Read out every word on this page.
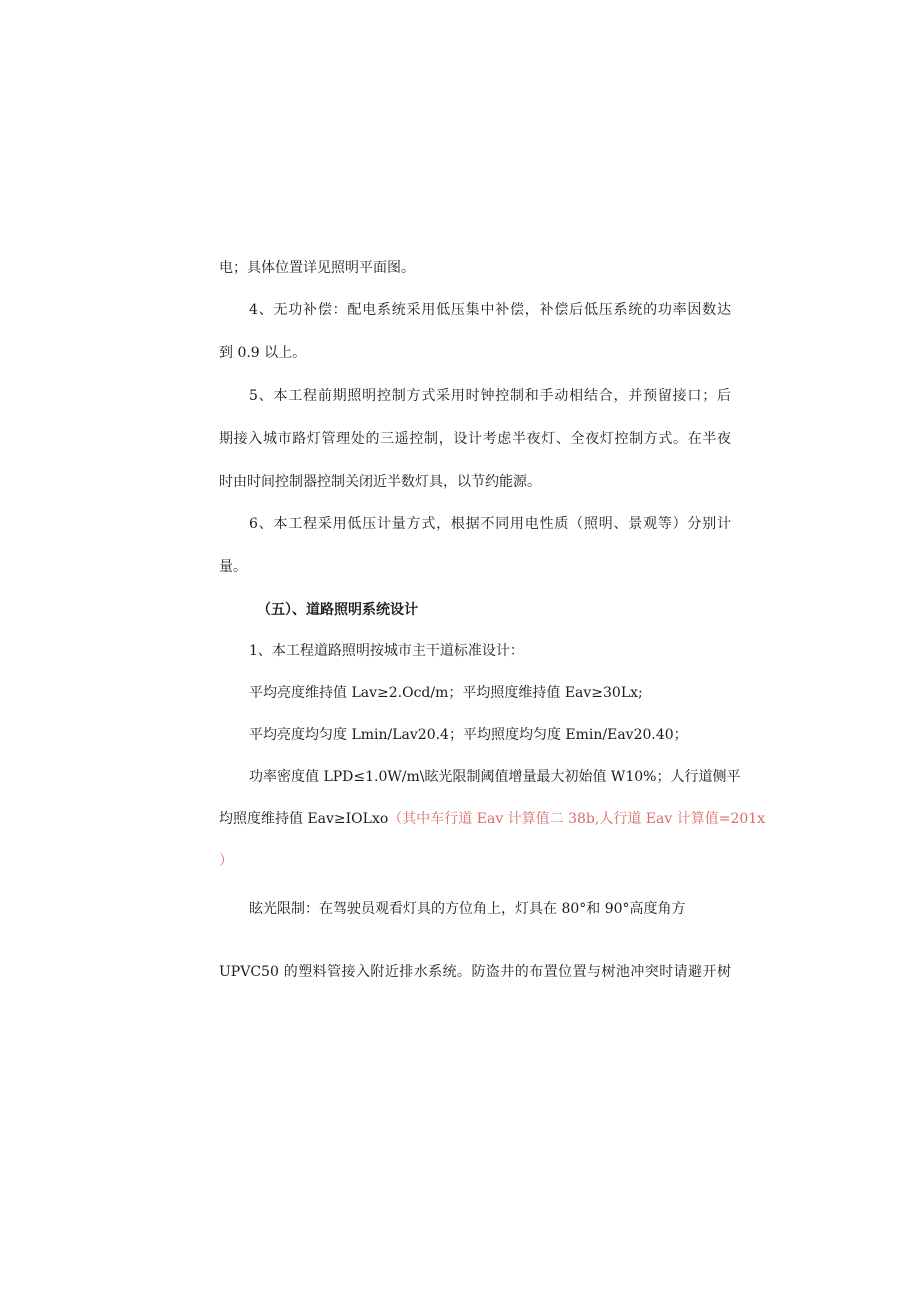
电；具体位置详见照明平面图。
4、无功补偿：配电系统采用低压集中补偿，补偿后低压系统的功率因数达
到 0.9 以上。
5、本工程前期照明控制方式采用时钟控制和手动相结合，并预留接口；后
期接入城市路灯管理处的三遥控制，设计考虑半夜灯、全夜灯控制方式。在半夜
时由时间控制器控制关闭近半数灯具，以节约能源。
6、本工程采用低压计量方式，根据不同用电性质（照明、景观等）分别计
量。
（五）、道路照明系统设计
1、本工程道路照明按城市主干道标准设计：
平均亮度维持值 Lav≥2.Ocd/m；平均照度维持值 Eav≥30Lx;
平均亮度均匀度 Lmin/Lav20.4；平均照度均匀度 Emin/Eav20.40；
功率密度值 LPD≤1.0W/m\眩光限制阈值增量最大初始值 W10%；人行道侧平
均照度维持值 Eav≥IOLxo（其中车行道 Eav 计算值二 38b,人行道 Eav 计算值=201x
）
眩光限制：在驾驶员观看灯具的方位角上，灯具在 80°和 90°高度角方
UPVC50 的塑料管接入附近排水系统。防盗井的布置位置与树池冲突时请避开树
